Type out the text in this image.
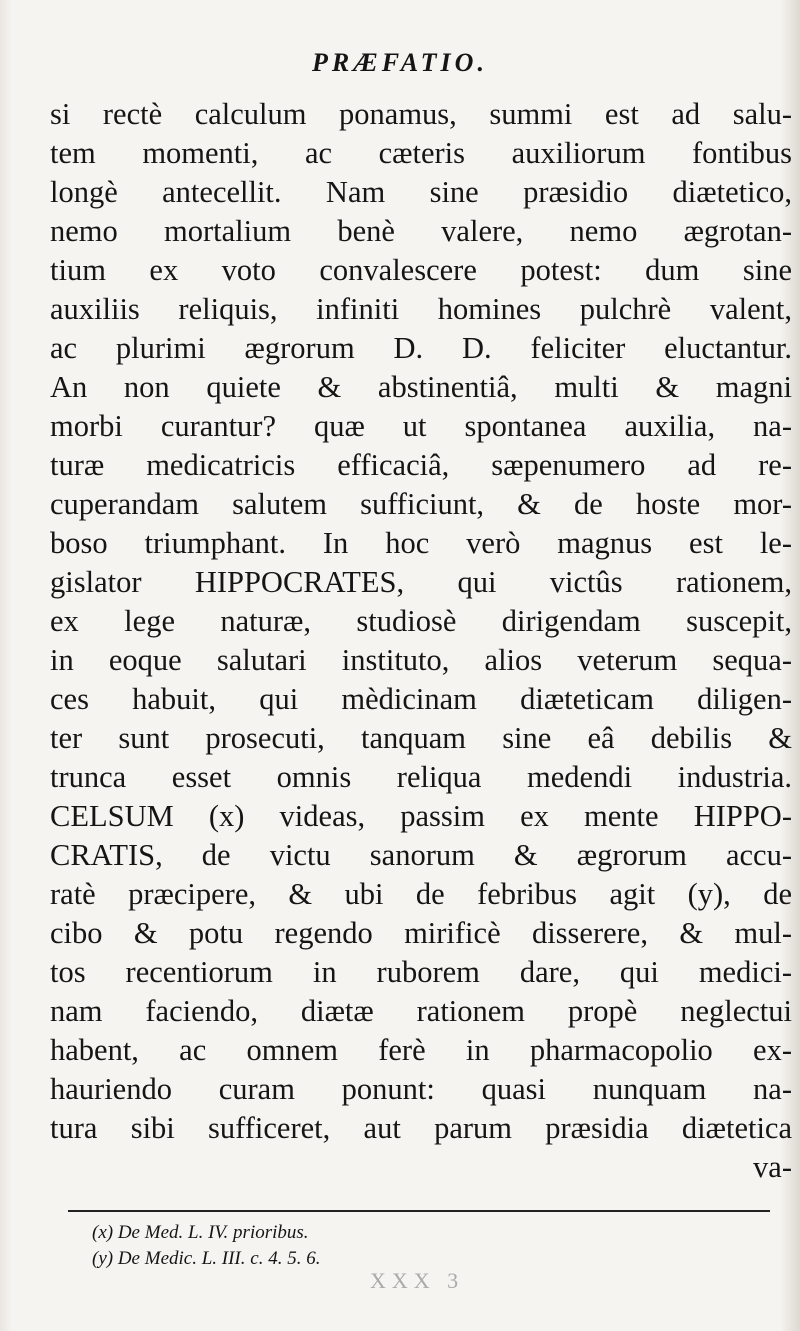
PRÆFATIO.
si rectè calculum ponamus, summi est ad salu-
tem momenti, ac cæteris auxiliorum fontibus
longè antecellit. Nam sine præsidio diætetico,
nemo mortalium benè valere, nemo ægrotan-
tium ex voto convalescere potest: dum sine
auxiliis reliquis, infiniti homines pulchrè valent,
ac plurimi ægrorum D. D. feliciter eluctantur.
An non quiete & abstinentiâ, multi & magni
morbi curantur? quæ ut spontanea auxilia, na-
turæ medicatricis efficaciâ, sæpenumero ad re-
cuperandam salutem sufficiunt, & de hoste mor-
boso triumphant. In hoc verò magnus est le-
gislator HIPPOCRATES, qui victûs rationem,
ex lege naturæ, studiosè dirigendam suscepit,
in eoque salutari instituto, alios veterum sequa-
ces habuit, qui mèdicinam diæteticam diligen-
ter sunt prosecuti, tanquam sine eâ debilis &
trunca esset omnis reliqua medendi industria.
CELSUM (x) videas, passim ex mente HIPPO-
CRATIS, de victu sanorum & ægrorum accu-
ratè præcipere, & ubi de febribus agit (y), de
cibo & potu regendo mirificè disserere, & mul-
tos recentiorum in ruborem dare, qui medici-
nam faciendo, diætæ rationem propè neglectui
habent, ac omnem ferè in pharmacopolio ex-
hauriendo curam ponunt: quasi nunquam na-
tura sibi sufficeret, aut parum præsidia diætetica
va-
(x) De Med. L. IV. prioribus.
(y) De Medic. L. III. c. 4. 5. 6.
XXX 3
